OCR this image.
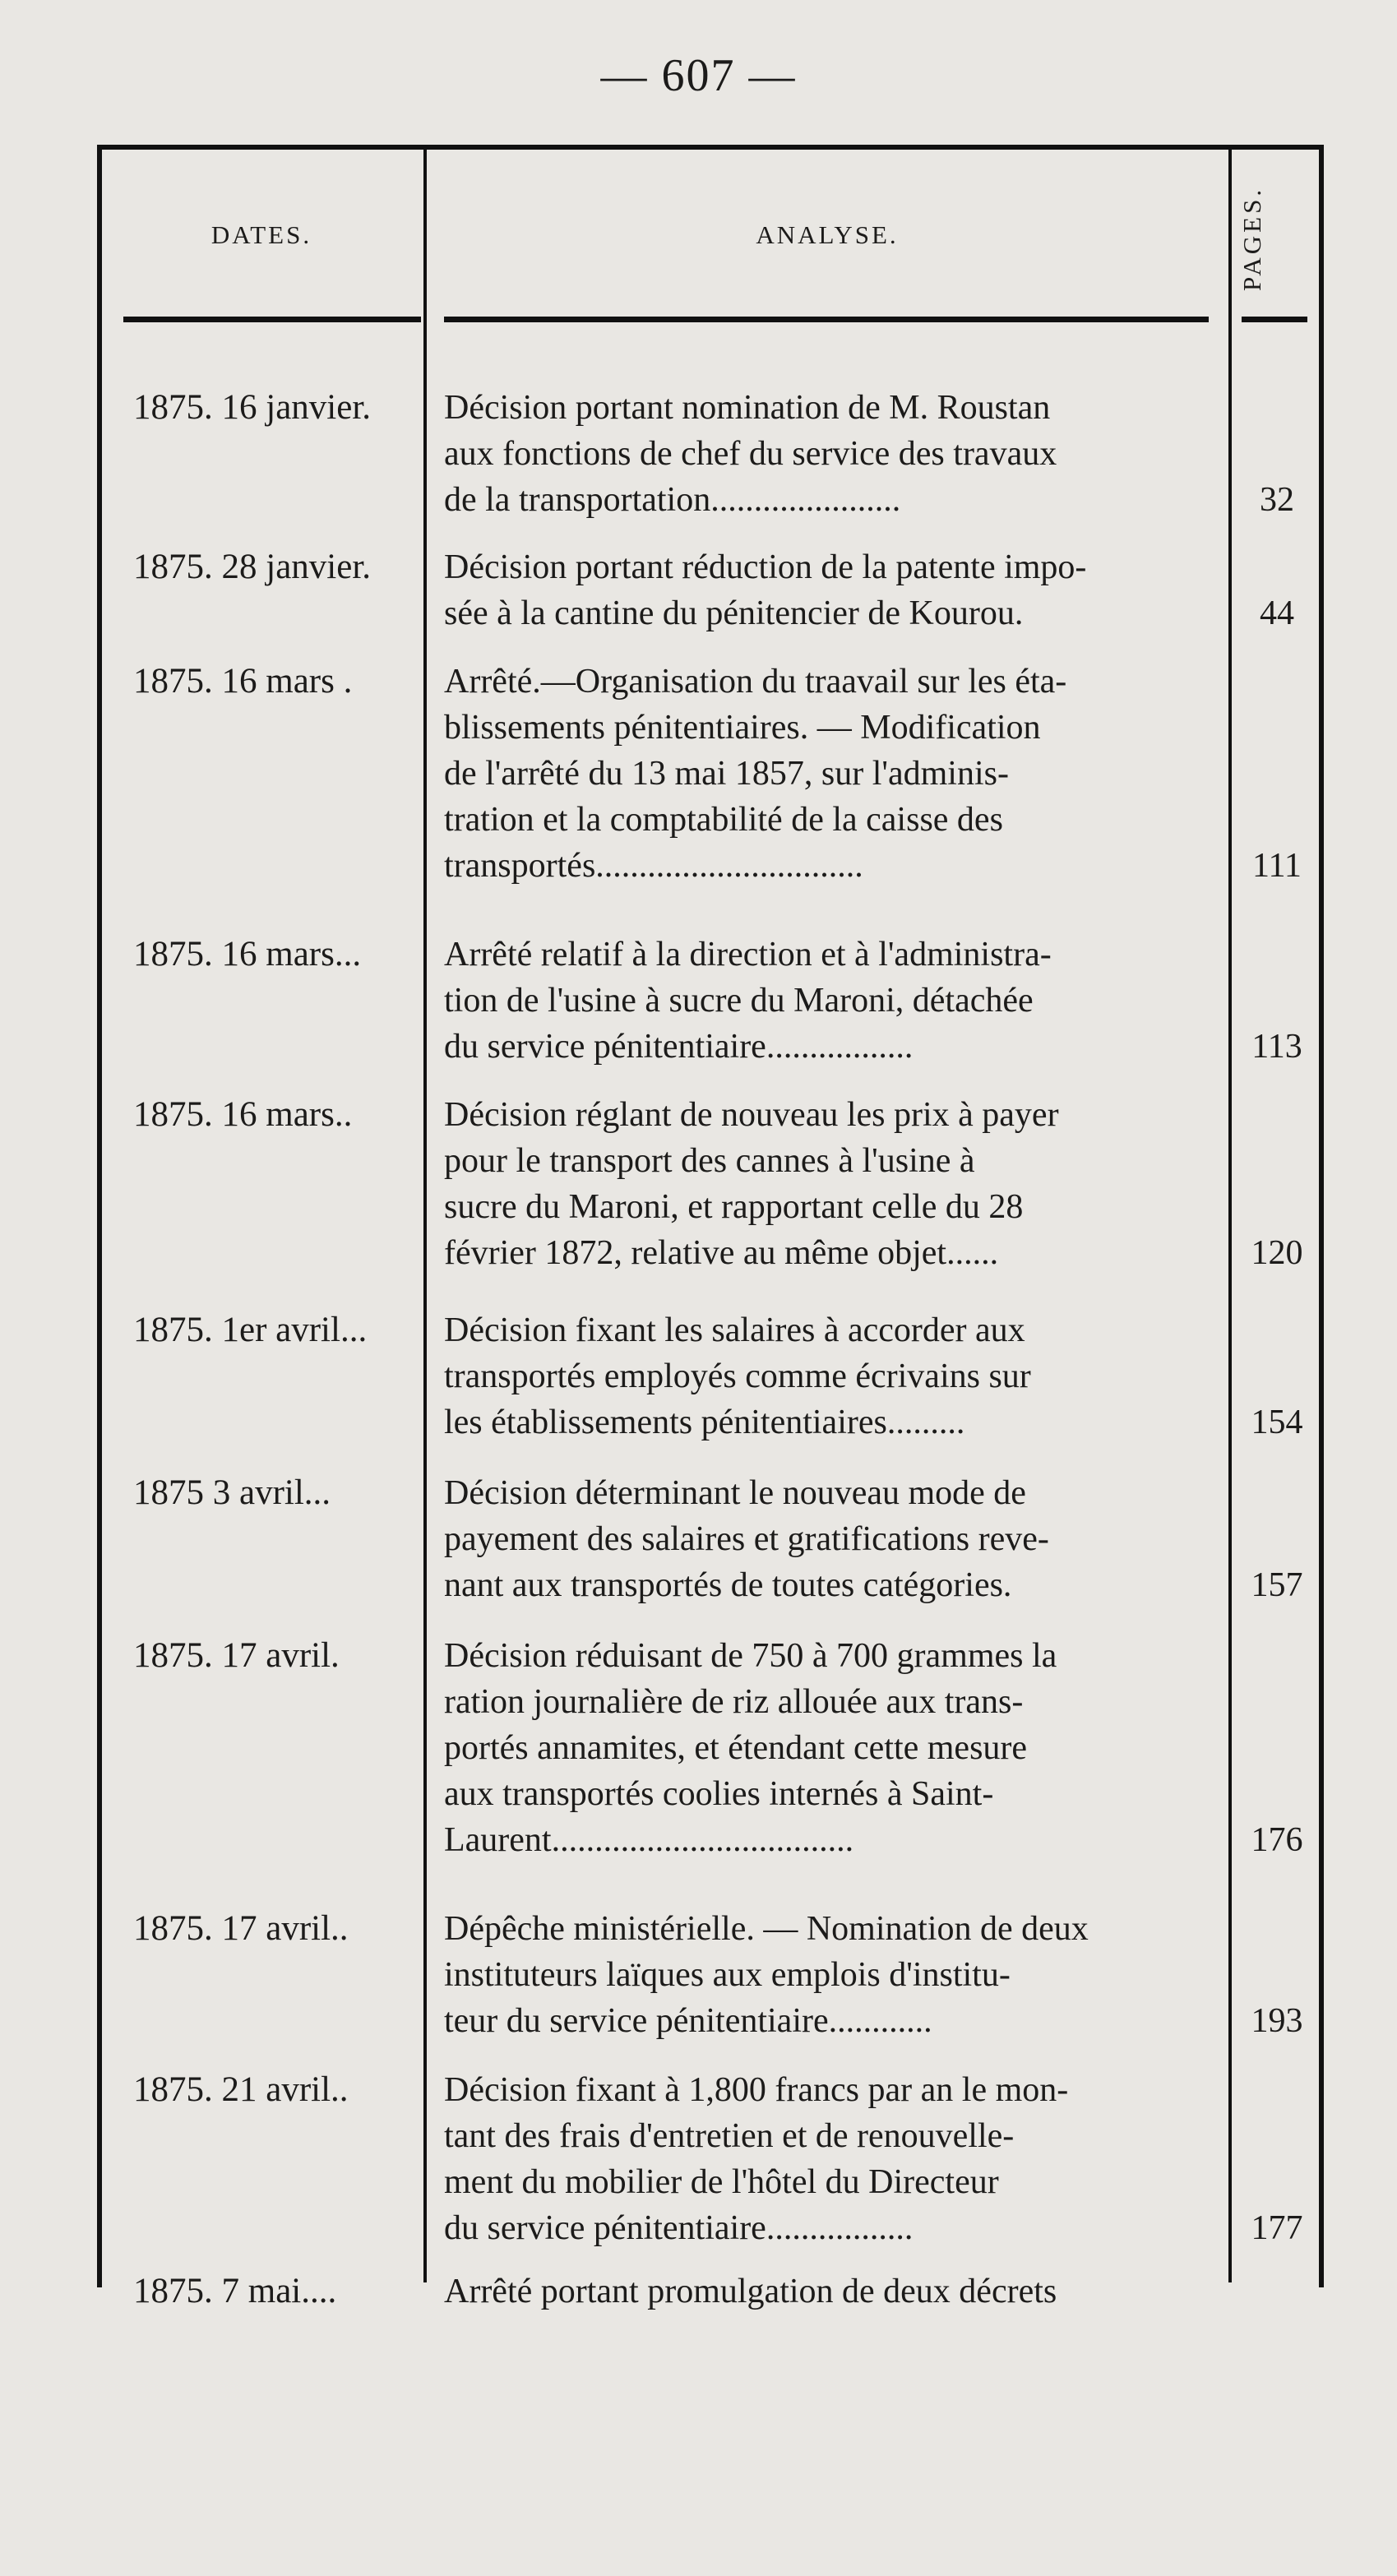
— 607 —
DATES.	ANALYSE.	PAGES.
1875. 16 janvier.	Décision portant nomination de M. Roustan
aux fonctions de chef du service des travaux
de la transportation......................	32
1875. 28 janvier.	Décision portant réduction de la patente impo-
sée à la cantine du pénitencier de Kourou.	44
1875. 16 mars .	Arrêté.—Organisation du traavail sur les éta-
blissements pénitentiaires. — Modification
de l'arrêté du 13 mai 1857, sur l'adminis-
tration et la comptabilité de la caisse des
transportés...............................	111
1875. 16 mars...	Arrêté relatif à la direction et à l'administra-
tion de l'usine à sucre du Maroni, détachée
du service pénitentiaire.................	113
1875. 16 mars..	Décision réglant de nouveau les prix à payer
pour le transport des cannes à l'usine à
sucre du Maroni, et rapportant celle du 28
février 1872, relative au même objet......	120
1875. 1er avril...	Décision fixant les salaires à accorder aux
transportés employés comme écrivains sur
les établissements pénitentiaires.........	154
1875 3 avril...	Décision déterminant le nouveau mode de
payement des salaires et gratifications reve-
nant aux transportés de toutes catégories.	157
1875. 17 avril.	Décision réduisant de 750 à 700 grammes la
ration journalière de riz allouée aux trans-
portés annamites, et étendant cette mesure
aux transportés coolies internés à Saint-
Laurent...................................	176
1875. 17 avril..	Dépêche ministérielle. — Nomination de deux
instituteurs laïques aux emplois d'institu-
teur du service pénitentiaire............	193
1875. 21 avril..	Décision fixant à 1,800 francs par an le mon-
tant des frais d'entretien et de renouvelle-
ment du mobilier de l'hôtel du Directeur
du service pénitentiaire.................	177
1875. 7 mai....	Arrêté portant promulgation de deux décrets
